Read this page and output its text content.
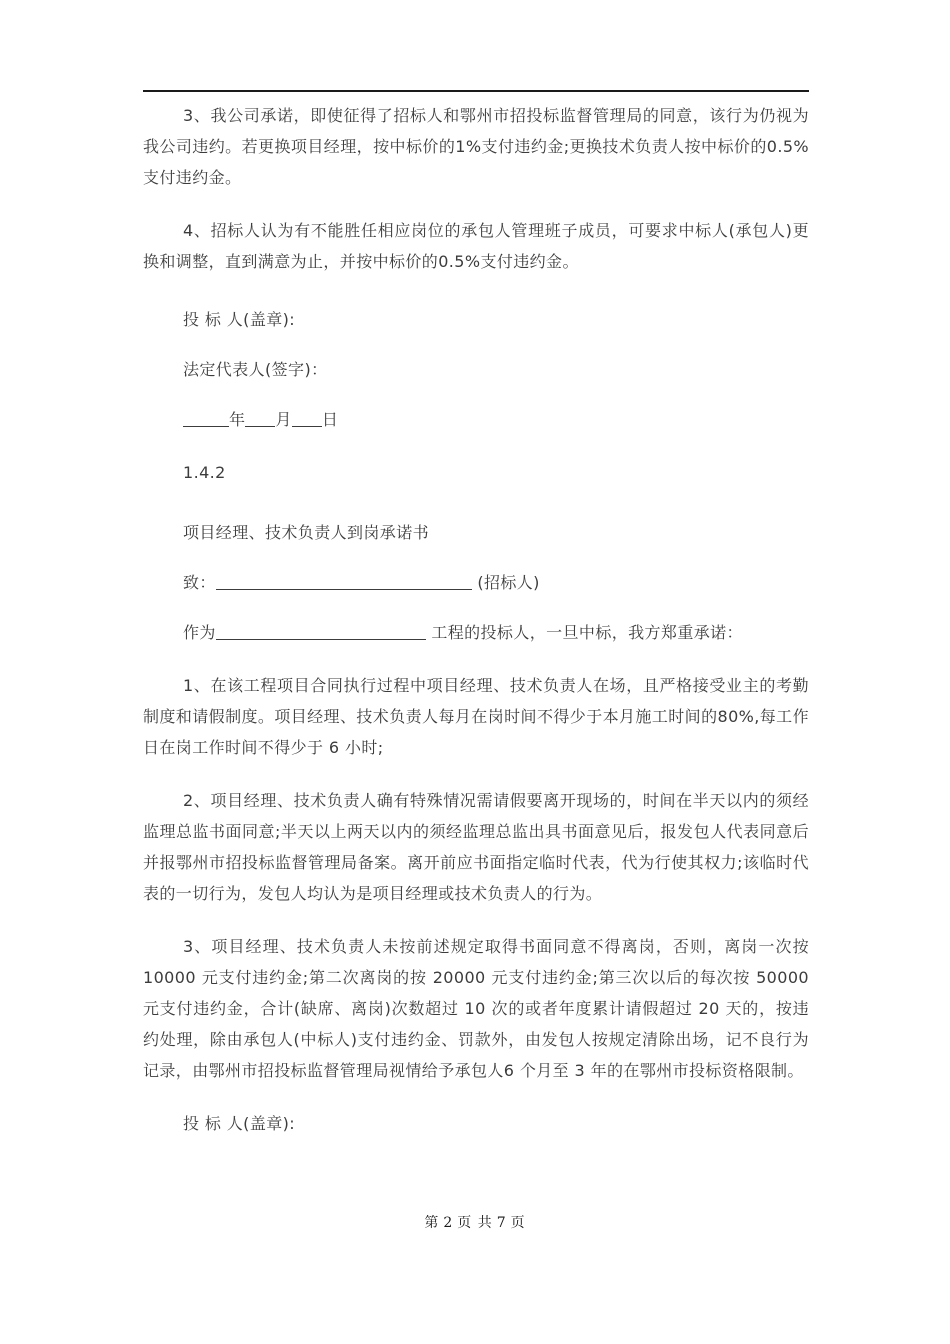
3、我公司承诺，即使征得了招标人和鄂州市招投标监督管理局的同意，该行为仍视为我公司违约。若更换项目经理，按中标价的1%支付违约金;更换技术负责人按中标价的0.5%支付违约金。

4、招标人认为有不能胜任相应岗位的承包人管理班子成员，可要求中标人(承包人)更换和调整，直到满意为止，并按中标价的0.5%支付违约金。

投 标 人(盖章):

法定代表人(签字)：

年 月 日

1.4.2

项目经理、技术负责人到岗承诺书

致：	(招标人)

作为	工程的投标人，一旦中标，我方郑重承诺：

1、在该工程项目合同执行过程中项目经理、技术负责人在场，且严格接受业主的考勤制度和请假制度。项目经理、技术负责人每月在岗时间不得少于本月施工时间的80%,每工作日在岗工作时间不得少于 6 小时;

2、项目经理、技术负责人确有特殊情况需请假要离开现场的，时间在半天以内的须经监理总监书面同意;半天以上两天以内的须经监理总监出具书面意见后，报发包人代表同意后并报鄂州市招投标监督管理局备案。离开前应书面指定临时代表，代为行使其权力;该临时代表的一切行为，发包人均认为是项目经理或技术负责人的行为。

3、项目经理、技术负责人未按前述规定取得书面同意不得离岗，否则，离岗一次按10000 元支付违约金;第二次离岗的按 20000 元支付违约金;第三次以后的每次按 50000 元支付违约金，合计(缺席、离岗)次数超过 10 次的或者年度累计请假超过 20 天的，按违约处理，除由承包人(中标人)支付违约金、罚款外，由发包人按规定清除出场，记不良行为记录，由鄂州市招投标监督管理局视情给予承包人6 个月至 3 年的在鄂州市投标资格限制。

投 标 人(盖章):

第 2 页 共 7 页
